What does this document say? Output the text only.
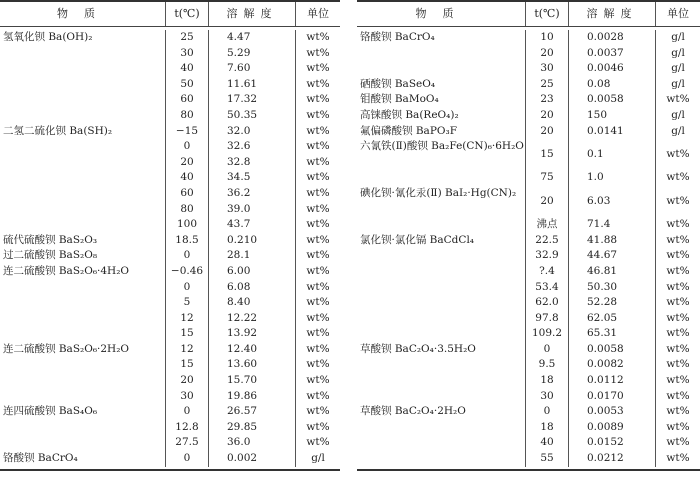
物质	t(℃)	溶解度	单位
氢氧化钡 Ba(OH)₂	25	4.47	wt%
30	5.29	wt%
40	7.60	wt%
50	11.61	wt%
60	17.32	wt%
80	50.35	wt%
二氢二硫化钡 Ba(SH)₂	−15	32.0	wt%
0	32.6	wt%
20	32.8	wt%
40	34.5	wt%
60	36.2	wt%
80	39.0	wt%
100	43.7	wt%
硫代硫酸钡 BaS₂O₃	18.5	0.210	wt%
过二硫酸钡 BaS₂O₈	0	28.1	wt%
连二硫酸钡 BaS₂O₆·4H₂O	−0.46	6.00	wt%
0	6.08	wt%
5	8.40	wt%
12	12.22	wt%
15	13.92	wt%
连二硫酸钡 BaS₂O₆·2H₂O	12	12.40	wt%
15	13.60	wt%
20	15.70	wt%
30	19.86	wt%
连四硫酸钡 BaS₄O₆	0	26.57	wt%
12.8	29.85	wt%
27.5	36.0	wt%
铬酸钡 BaCrO₄	0	0.002	g/l
物质	t(℃)	溶解度	单位
铬酸钡 BaCrO₄	10	0.0028	g/l
20	0.0037	g/l
30	0.0046	g/l
硒酸钡 BaSeO₄	25	0.08	g/l
钼酸钡 BaMoO₄	23	0.0058	wt%
高铼酸钡 Ba(ReO₄)₂	20	150	g/l
氟偏磷酸钡 BaPO₃F	20	0.0141	g/l
六氰铁(Ⅱ)酸钡 Ba₂Fe(CN)₆·6H₂O
15	0.1	wt%
75	1.0	wt%
碘化钡·氰化汞(Ⅱ) BaI₂·Hg(CN)₂
20	6.03	wt%
沸点	71.4	wt%
氯化钡·氯化镉 BaCdCl₄	22.5	41.88	wt%
32.9	44.67	wt%
?.4	46.81	wt%
53.4	50.30	wt%
62.0	52.28	wt%
97.8	62.05	wt%
109.2	65.31	wt%
草酸钡 BaC₂O₄·3.5H₂O	0	0.0058	wt%
9.5	0.0082	wt%
18	0.0112	wt%
30	0.0170	wt%
草酸钡 BaC₂O₄·2H₂O	0	0.0053	wt%
18	0.0089	wt%
40	0.0152	wt%
55	0.0212	wt%
